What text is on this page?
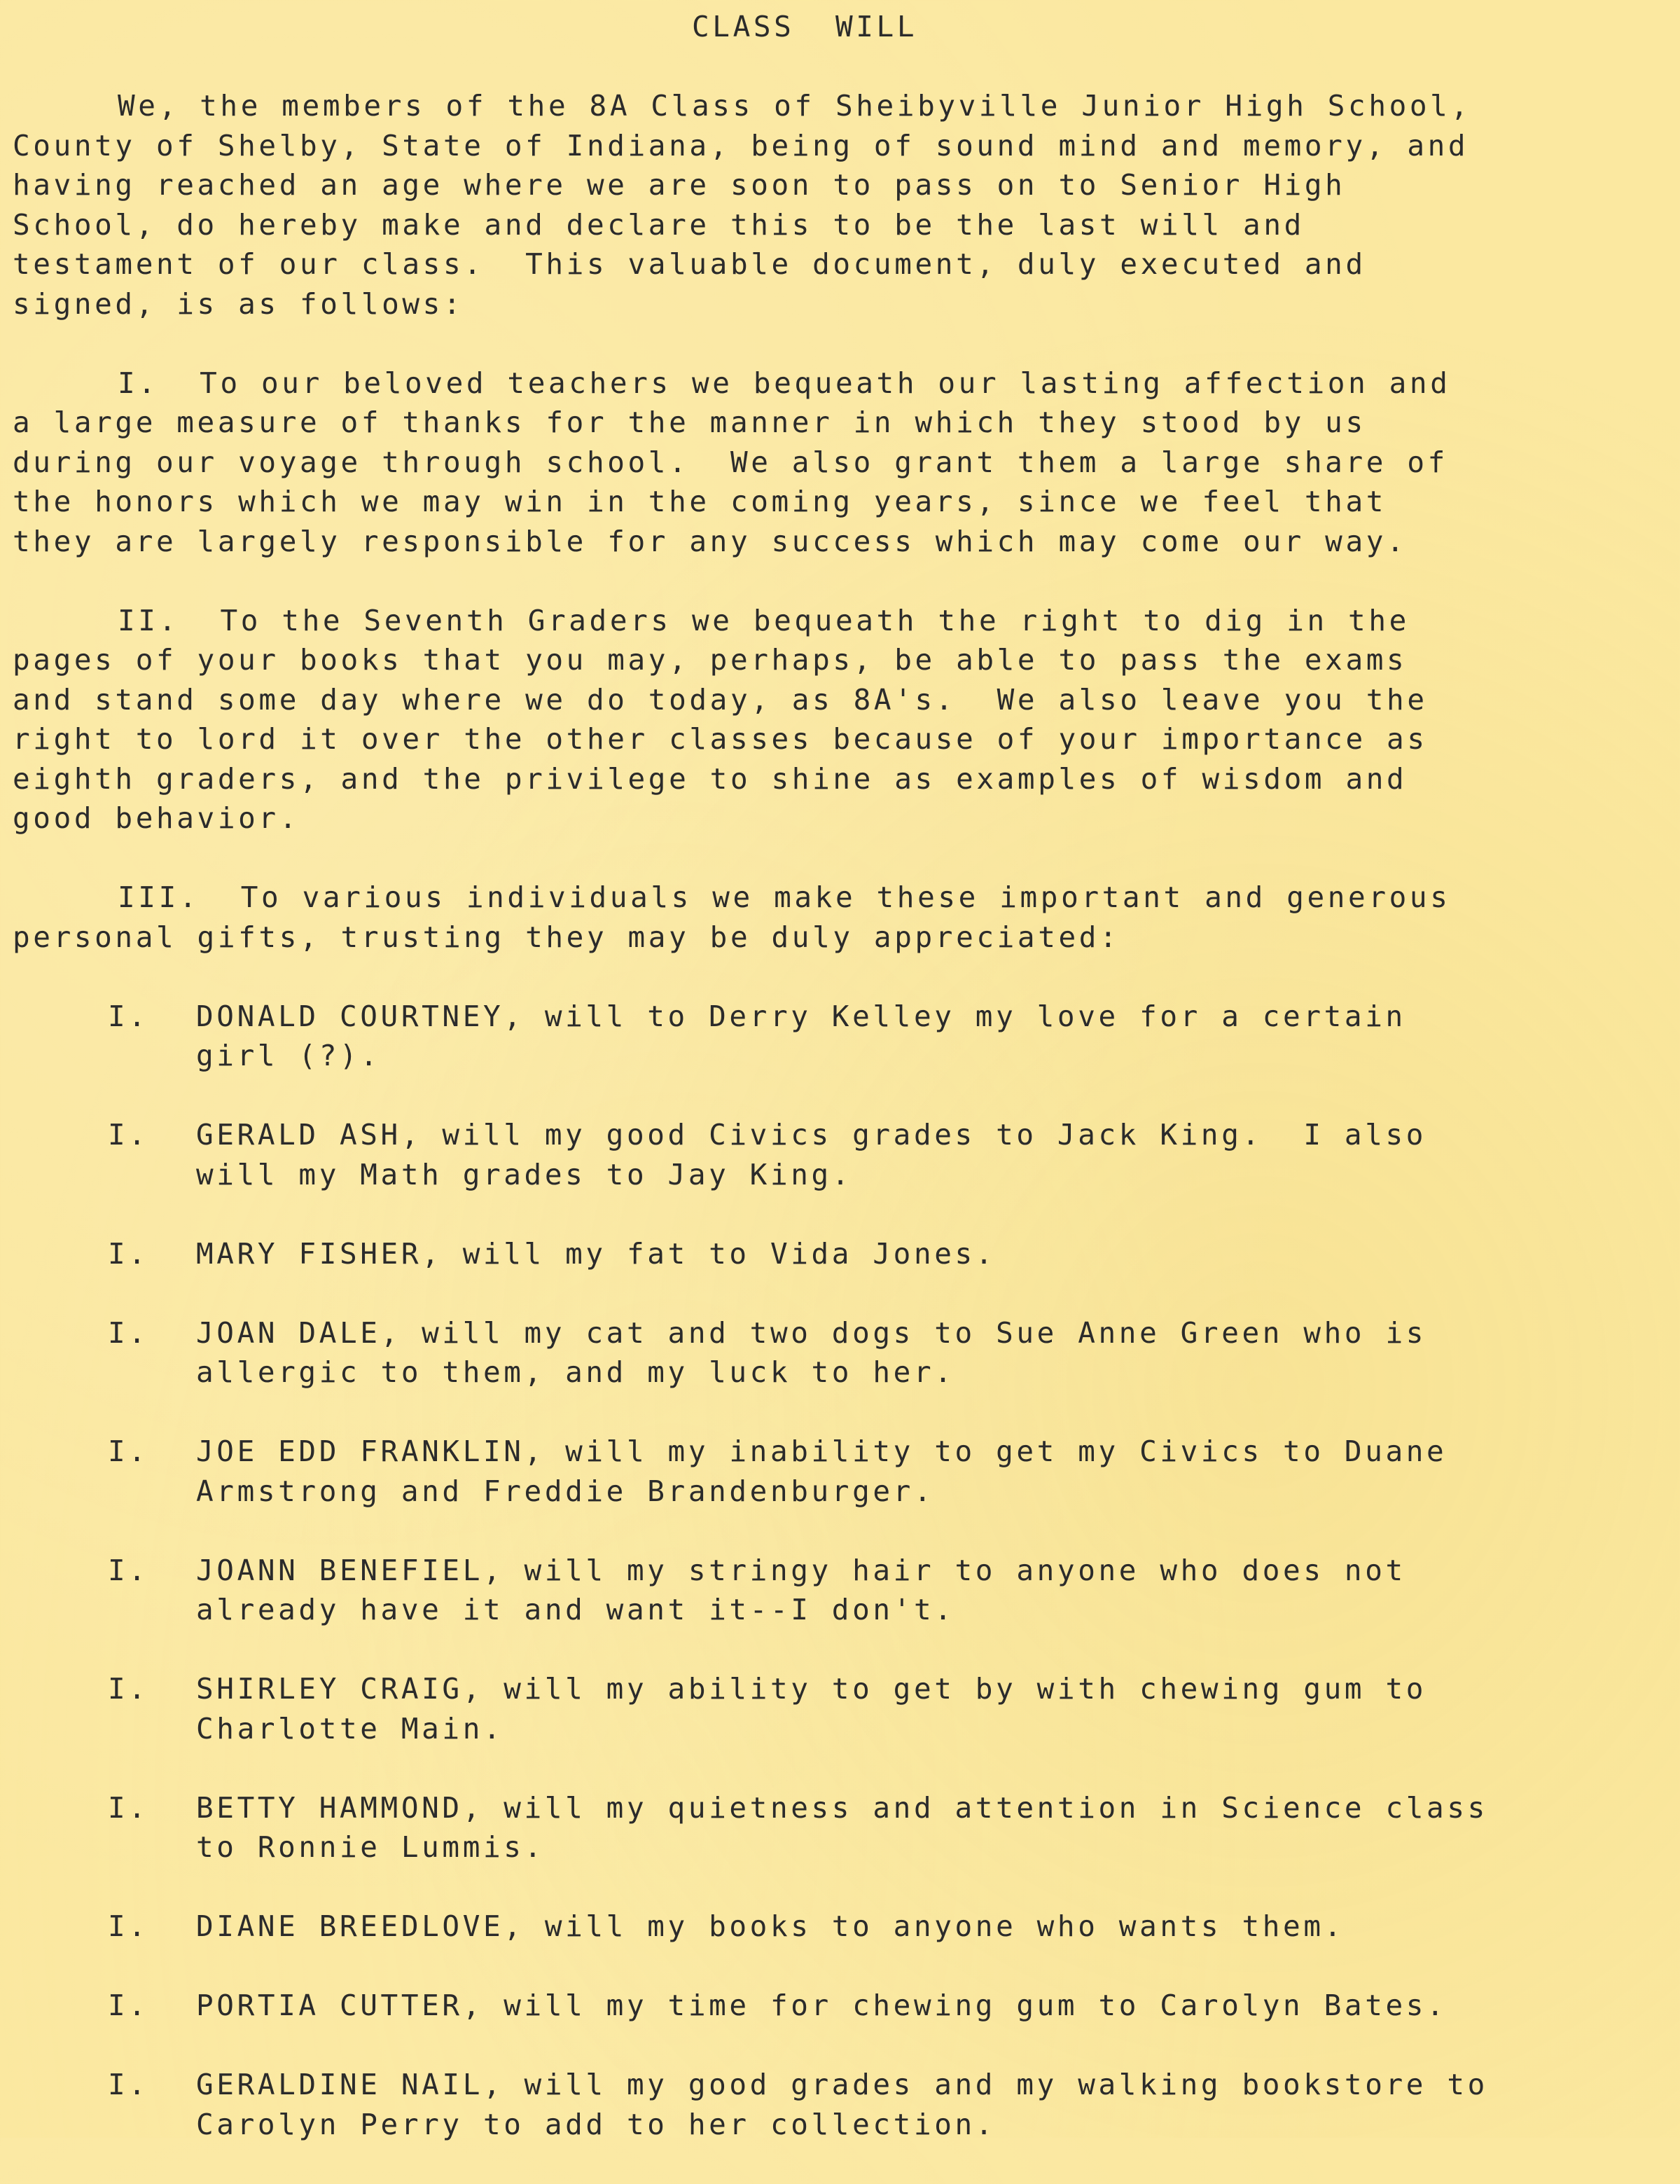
CLASS  WILL

We, the members of the 8A Class of Sheibyville Junior High School,
County of Shelby, State of Indiana, being of sound mind and memory, and
having reached an age where we are soon to pass on to Senior High
School, do hereby make and declare this to be the last will and
testament of our class.  This valuable document, duly executed and
signed, is as follows:

I. To our beloved teachers we bequeath our lasting affection and
a large measure of thanks for the manner in which they stood by us
during our voyage through school.  We also grant them a large share of
the honors which we may win in the coming years, since we feel that
they are largely responsible for any success which may come our way.

II. To the Seventh Graders we bequeath the right to dig in the
pages of your books that you may, perhaps, be able to pass the exams
and stand some day where we do today, as 8A's.  We also leave you the
right to lord it over the other classes because of your importance as
eighth graders, and the privilege to shine as examples of wisdom and
good behavior.

III. To various individuals we make these important and generous
personal gifts, trusting they may be duly appreciated:

I.	DONALD COURTNEY, will to Derry Kelley my love for a certain
girl (?).
I.	GERALD ASH, will my good Civics grades to Jack King.  I also
will my Math grades to Jay King.
I.	MARY FISHER, will my fat to Vida Jones.
I.	JOAN DALE, will my cat and two dogs to Sue Anne Green who is
allergic to them, and my luck to her.
I.	JOE EDD FRANKLIN, will my inability to get my Civics to Duane
Armstrong and Freddie Brandenburger.
I.	JOANN BENEFIEL, will my stringy hair to anyone who does not
already have it and want it--I don't.
I.	SHIRLEY CRAIG, will my ability to get by with chewing gum to
Charlotte Main.
I.	BETTY HAMMOND, will my quietness and attention in Science class
to Ronnie Lummis.
I.	DIANE BREEDLOVE, will my books to anyone who wants them.
I.	PORTIA CUTTER, will my time for chewing gum to Carolyn Bates.
I.	GERALDINE NAIL, will my good grades and my walking bookstore to
Carolyn Perry to add to her collection.
